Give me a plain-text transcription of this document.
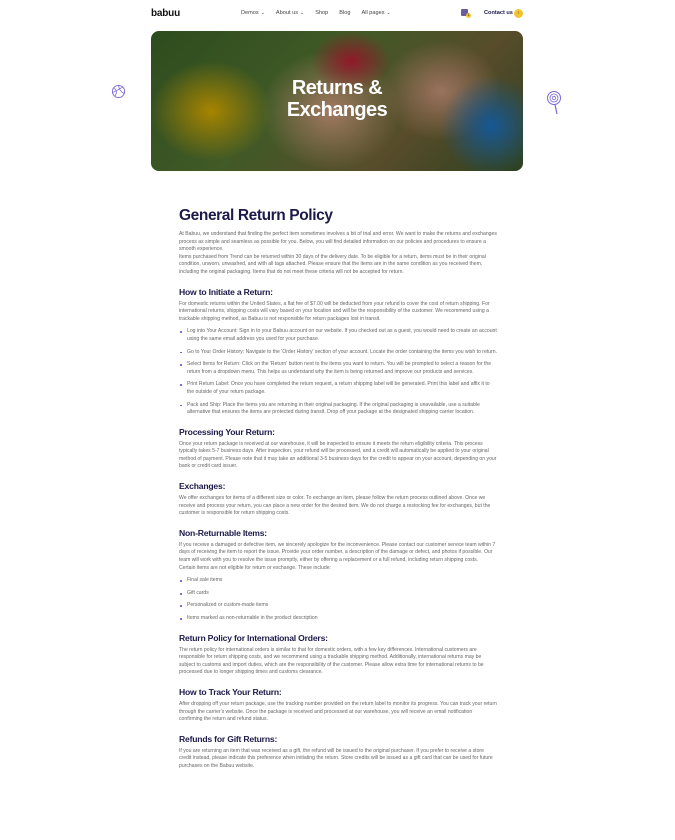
babuu	Demos ⌄ About us ⌄ Shop Blog All pages ⌄	1	Contact us ›
Returns &
Exchanges
General Return Policy

At Babuu, we understand that finding the perfect item sometimes involves a bit of trial and error. We want to make the returns and exchanges process as simple and seamless as possible for you. Below, you will find detailed information on our policies and procedures to ensure a smooth experience.

Items purchased from Trend can be returned within 30 days of the delivery date. To be eligible for a return, items must be in their original condition, unworn, unwashed, and with all tags attached. Please ensure that the items are in the same condition as you received them, including the original packaging. Items that do not meet these criteria will not be accepted for return.

How to Initiate a Return:

For domestic returns within the United States, a flat fee of $7.00 will be deducted from your refund to cover the cost of return shipping. For international returns, shipping costs will vary based on your location and will be the responsibility of the customer. We recommend using a trackable shipping method, as Babuu is not responsible for return packages lost in transit.

Log into Your Account: Sign in to your Babuu account on our website. If you checked out as a guest, you would need to create an account using the same email address you used for your purchase.
Go to Your Order History: Navigate to the 'Order History' section of your account. Locate the order containing the items you wish to return.
Select Items for Return: Click on the 'Return' button next to the items you want to return. You will be prompted to select a reason for the return from a dropdown menu. This helps us understand why the item is being returned and improve our products and services.
Print Return Label: Once you have completed the return request, a return shipping label will be generated. Print this label and affix it to the outside of your return package.
Pack and Ship: Place the items you are returning in their original packaging. If the original packaging is unavailable, use a suitable alternative that ensures the items are protected during transit. Drop off your package at the designated shipping carrier location.
Processing Your Return:

Once your return package is received at our warehouse, it will be inspected to ensure it meets the return eligibility criteria. This process typically takes 5-7 business days. After inspection, your refund will be processed, and a credit will automatically be applied to your original method of payment. Please note that it may take an additional 3-5 business days for the credit to appear on your account, depending on your bank or credit card issuer.

Exchanges:

We offer exchanges for items of a different size or color. To exchange an item, please follow the return process outlined above. Once we receive and process your return, you can place a new order for the desired item. We do not charge a restocking fee for exchanges, but the customer is responsible for return shipping costs.

Non-Returnable Items:

If you receive a damaged or defective item, we sincerely apologize for the inconvenience. Please contact our customer service team within 7 days of receiving the item to report the issue. Provide your order number, a description of the damage or defect, and photos if possible. Our team will work with you to resolve the issue promptly, either by offering a replacement or a full refund, including return shipping costs.

Certain items are not eligible for return or exchange. These include:

Final sale items
Gift cards
Personalized or custom-made items
Items marked as non-returnable in the product description
Return Policy for International Orders:

The return policy for international orders is similar to that for domestic orders, with a few key differences. International customers are responsible for return shipping costs, and we recommend using a trackable shipping method. Additionally, international returns may be subject to customs and import duties, which are the responsibility of the customer. Please allow extra time for international returns to be processed due to longer shipping times and customs clearance.

How to Track Your Return:

After dropping off your return package, use the tracking number provided on the return label to monitor its progress. You can track your return through the carrier's website. Once the package is received and processed at our warehouse, you will receive an email notification confirming the return and refund status.

Refunds for Gift Returns:

If you are returning an item that was received as a gift, the refund will be issued to the original purchaser. If you prefer to receive a store credit instead, please indicate this preference when initiating the return. Store credits will be issued as a gift card that can be used for future purchases on the Babuu website.
